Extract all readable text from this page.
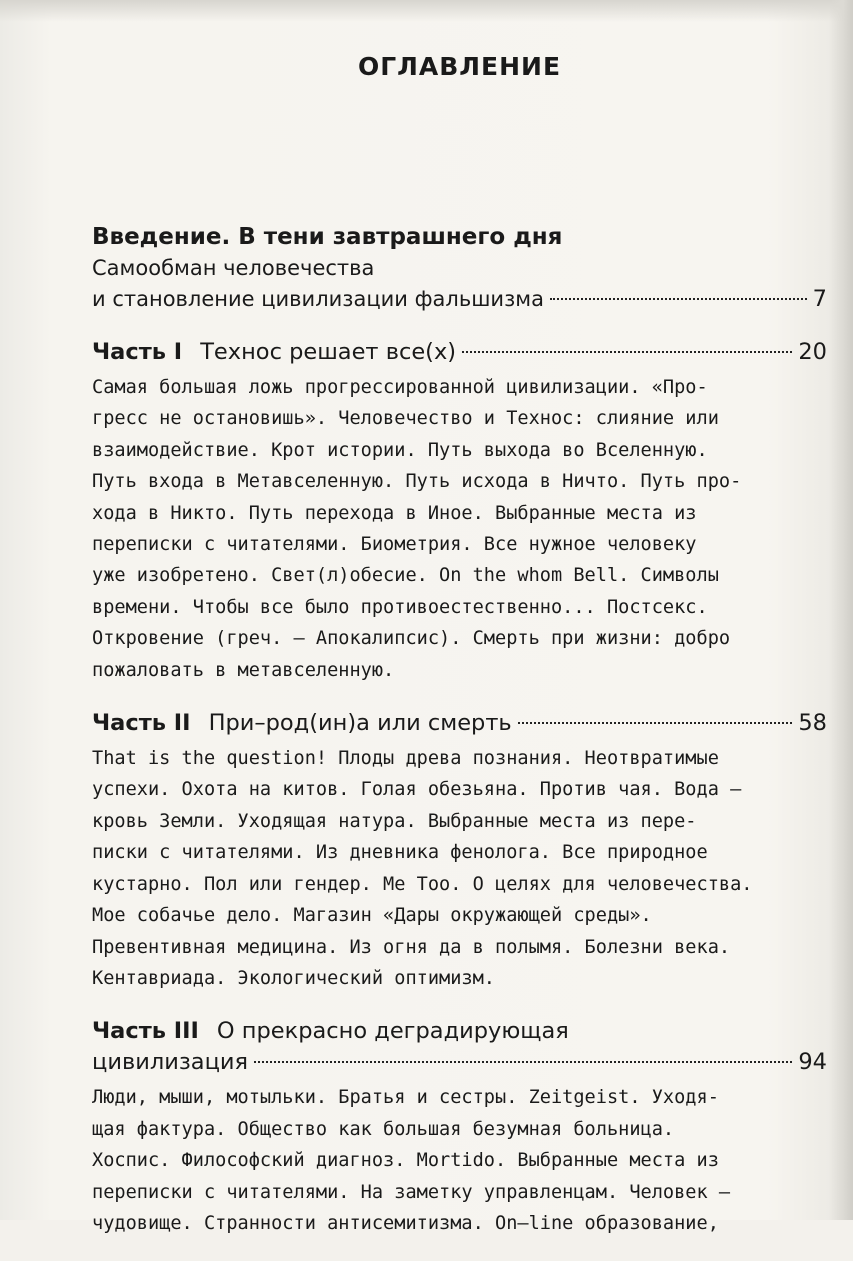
ОГЛАВЛЕНИЕ
Введение. В тени завтрашнего дня
Самообман человечества
и становление цивилизации фальшизма	7
Часть I Технос решает все(х)	20
Самая большая ложь прогрессированной цивилизации. «Про-
гресс не остановишь». Человечество и Технос: слияние или
взаимодействие. Крот истории. Путь выхода во Вселенную.
Путь входа в Метавселенную. Путь исхода в Ничто. Путь про-
хода в Никто. Путь перехода в Иное. Выбранные места из
переписки с читателями. Биометрия. Все нужное человеку
уже изобретено. Свет(л)обесие. On the whom Bell. Символы
времени. Чтобы все было противоестественно... Постсекс.
Откровение (греч. — Апокалипсис). Смерть при жизни: добро
пожаловать в метавселенную.
Часть II При–род(ин)а или смерть	58
That is the question! Плоды древа познания. Неотвратимые
успехи. Охота на китов. Голая обезьяна. Против чая. Вода —
кровь Земли. Уходящая натура. Выбранные места из пере-
писки с читателями. Из дневника фенолога. Все природное
кустарно. Пол или гендер. Me Too. О целях для человечества.
Мое собачье дело. Магазин «Дары окружающей среды».
Превентивная медицина. Из огня да в полымя. Болезни века.
Кентавриада. Экологический оптимизм.
Часть III О прекрасно деградирующая
цивилизация	94
Люди, мыши, мотыльки. Братья и сестры. Zeitgeist. Уходя-
щая фактура. Общество как большая безумная больница.
Хоспис. Философский диагноз. Mortido. Выбранные места из
переписки с читателями. На заметку управленцам. Человек —
чудовище. Странности антисемитизма. On–line образование,
